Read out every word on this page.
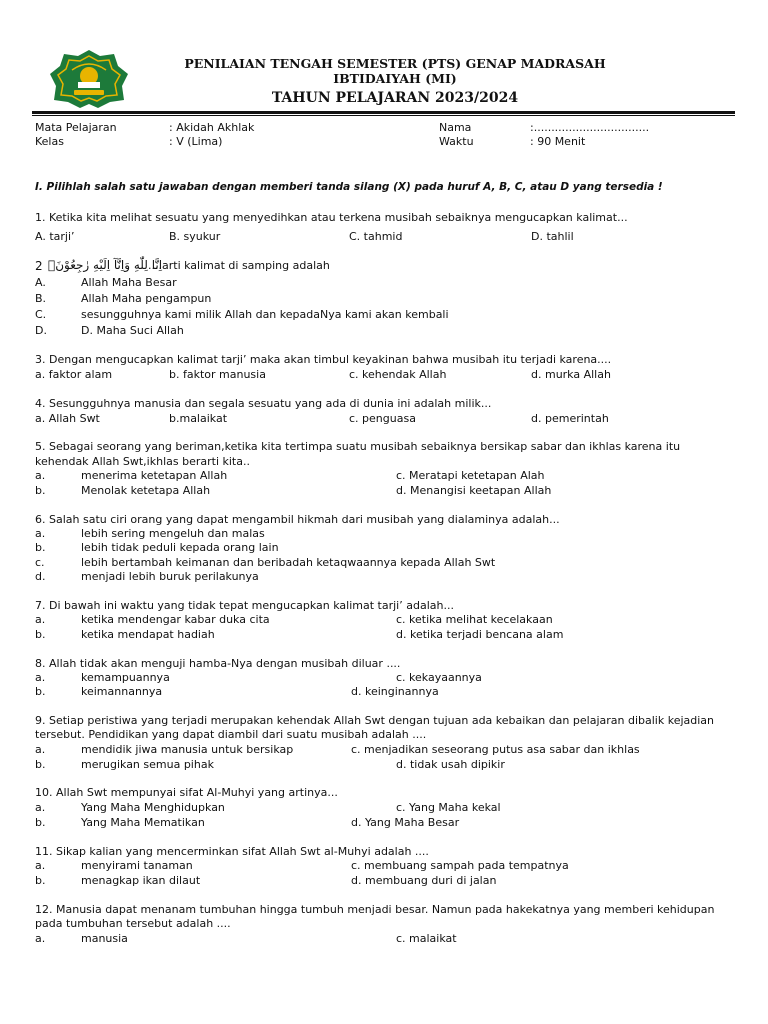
PENILAIAN TENGAH SEMESTER (PTS) GENAP MADRASAH
IBTIDAIYAH (MI)
TAHUN PELAJARAN 2023/2024
Mata Pelajaran	: Akidah Akhlak	Nama	:.................................
Kelas	: V (Lima)	Waktu	: 90 Menit
I. Pilihlah salah satu jawaban dengan memberi tanda silang (X) pada huruf A, B, C, atau D yang tersedia !
1. Ketika kita melihat sesuatu yang menyedihkan atau terkena musibah sebaiknya mengucapkan kalimat...
A. tarji’	B. syukur	C. tahmid	D. tahlil
2 اِنَّا لِلّٰهِ وَاِنَّآ اِلَيْهِ رٰجِعُوْنَۗ
....arti kalimat di samping adalah
A.	Allah Maha Besar
B.	Allah Maha pengampun
C.	sesungguhnya kami milik Allah dan kepadaNya kami akan kembali
D.	D. Maha Suci Allah
3. Dengan mengucapkan kalimat tarji’ maka akan timbul keyakinan bahwa musibah itu terjadi karena....
a. faktor alam	b. faktor manusia	c. kehendak Allah	d. murka Allah
4. Sesungguhnya manusia dan segala sesuatu yang ada di dunia ini adalah milik...
a. Allah Swt	b.malaikat	c. penguasa	d. pemerintah
5. Sebagai seorang yang beriman,ketika kita tertimpa suatu musibah sebaiknya bersikap sabar dan ikhlas karena itu
kehendak Allah Swt,ikhlas berarti kita..
a.	menerima ketetapan Allah	c. Meratapi ketetapan Alah
b.	Menolak ketetapa Allah	d. Menangisi keetapan Allah
6. Salah satu ciri orang yang dapat mengambil hikmah dari musibah yang dialaminya adalah...
a.	lebih sering mengeluh dan malas
b.	lebih tidak peduli kepada orang lain
c.	lebih bertambah keimanan dan beribadah ketaqwaannya kepada Allah Swt
d.	menjadi lebih buruk perilakunya
7. Di bawah ini waktu yang tidak tepat mengucapkan kalimat tarji’ adalah...
a.	ketika mendengar kabar duka cita	c. ketika melihat kecelakaan
b.	ketika mendapat hadiah	d. ketika terjadi bencana alam
8. Allah tidak akan menguji hamba-Nya dengan musibah diluar ....
a.	kemampuannya	c. kekayaannya
b.	keimannannya	d. keinginannya
9. Setiap peristiwa yang terjadi merupakan kehendak Allah Swt dengan tujuan ada kebaikan dan pelajaran dibalik kejadian
tersebut. Pendidikan yang dapat diambil dari suatu musibah adalah ....
a.	mendidik jiwa manusia untuk bersikap	c. menjadikan seseorang putus asa sabar dan ikhlas
b.	merugikan semua pihak	d. tidak usah dipikir
10. Allah Swt mempunyai sifat Al-Muhyi yang artinya...
a.	Yang Maha Menghidupkan	c. Yang Maha kekal
b.	Yang Maha Mematikan	d. Yang Maha Besar
11. Sikap kalian yang mencerminkan sifat Allah Swt al-Muhyi adalah ....
a.	menyirami tanaman	c. membuang sampah pada tempatnya
b.	menagkap ikan dilaut	d. membuang duri di jalan
12. Manusia dapat menanam tumbuhan hingga tumbuh menjadi besar. Namun pada hakekatnya yang memberi kehidupan
pada tumbuhan tersebut adalah ....
a.	manusia	c. malaikat
